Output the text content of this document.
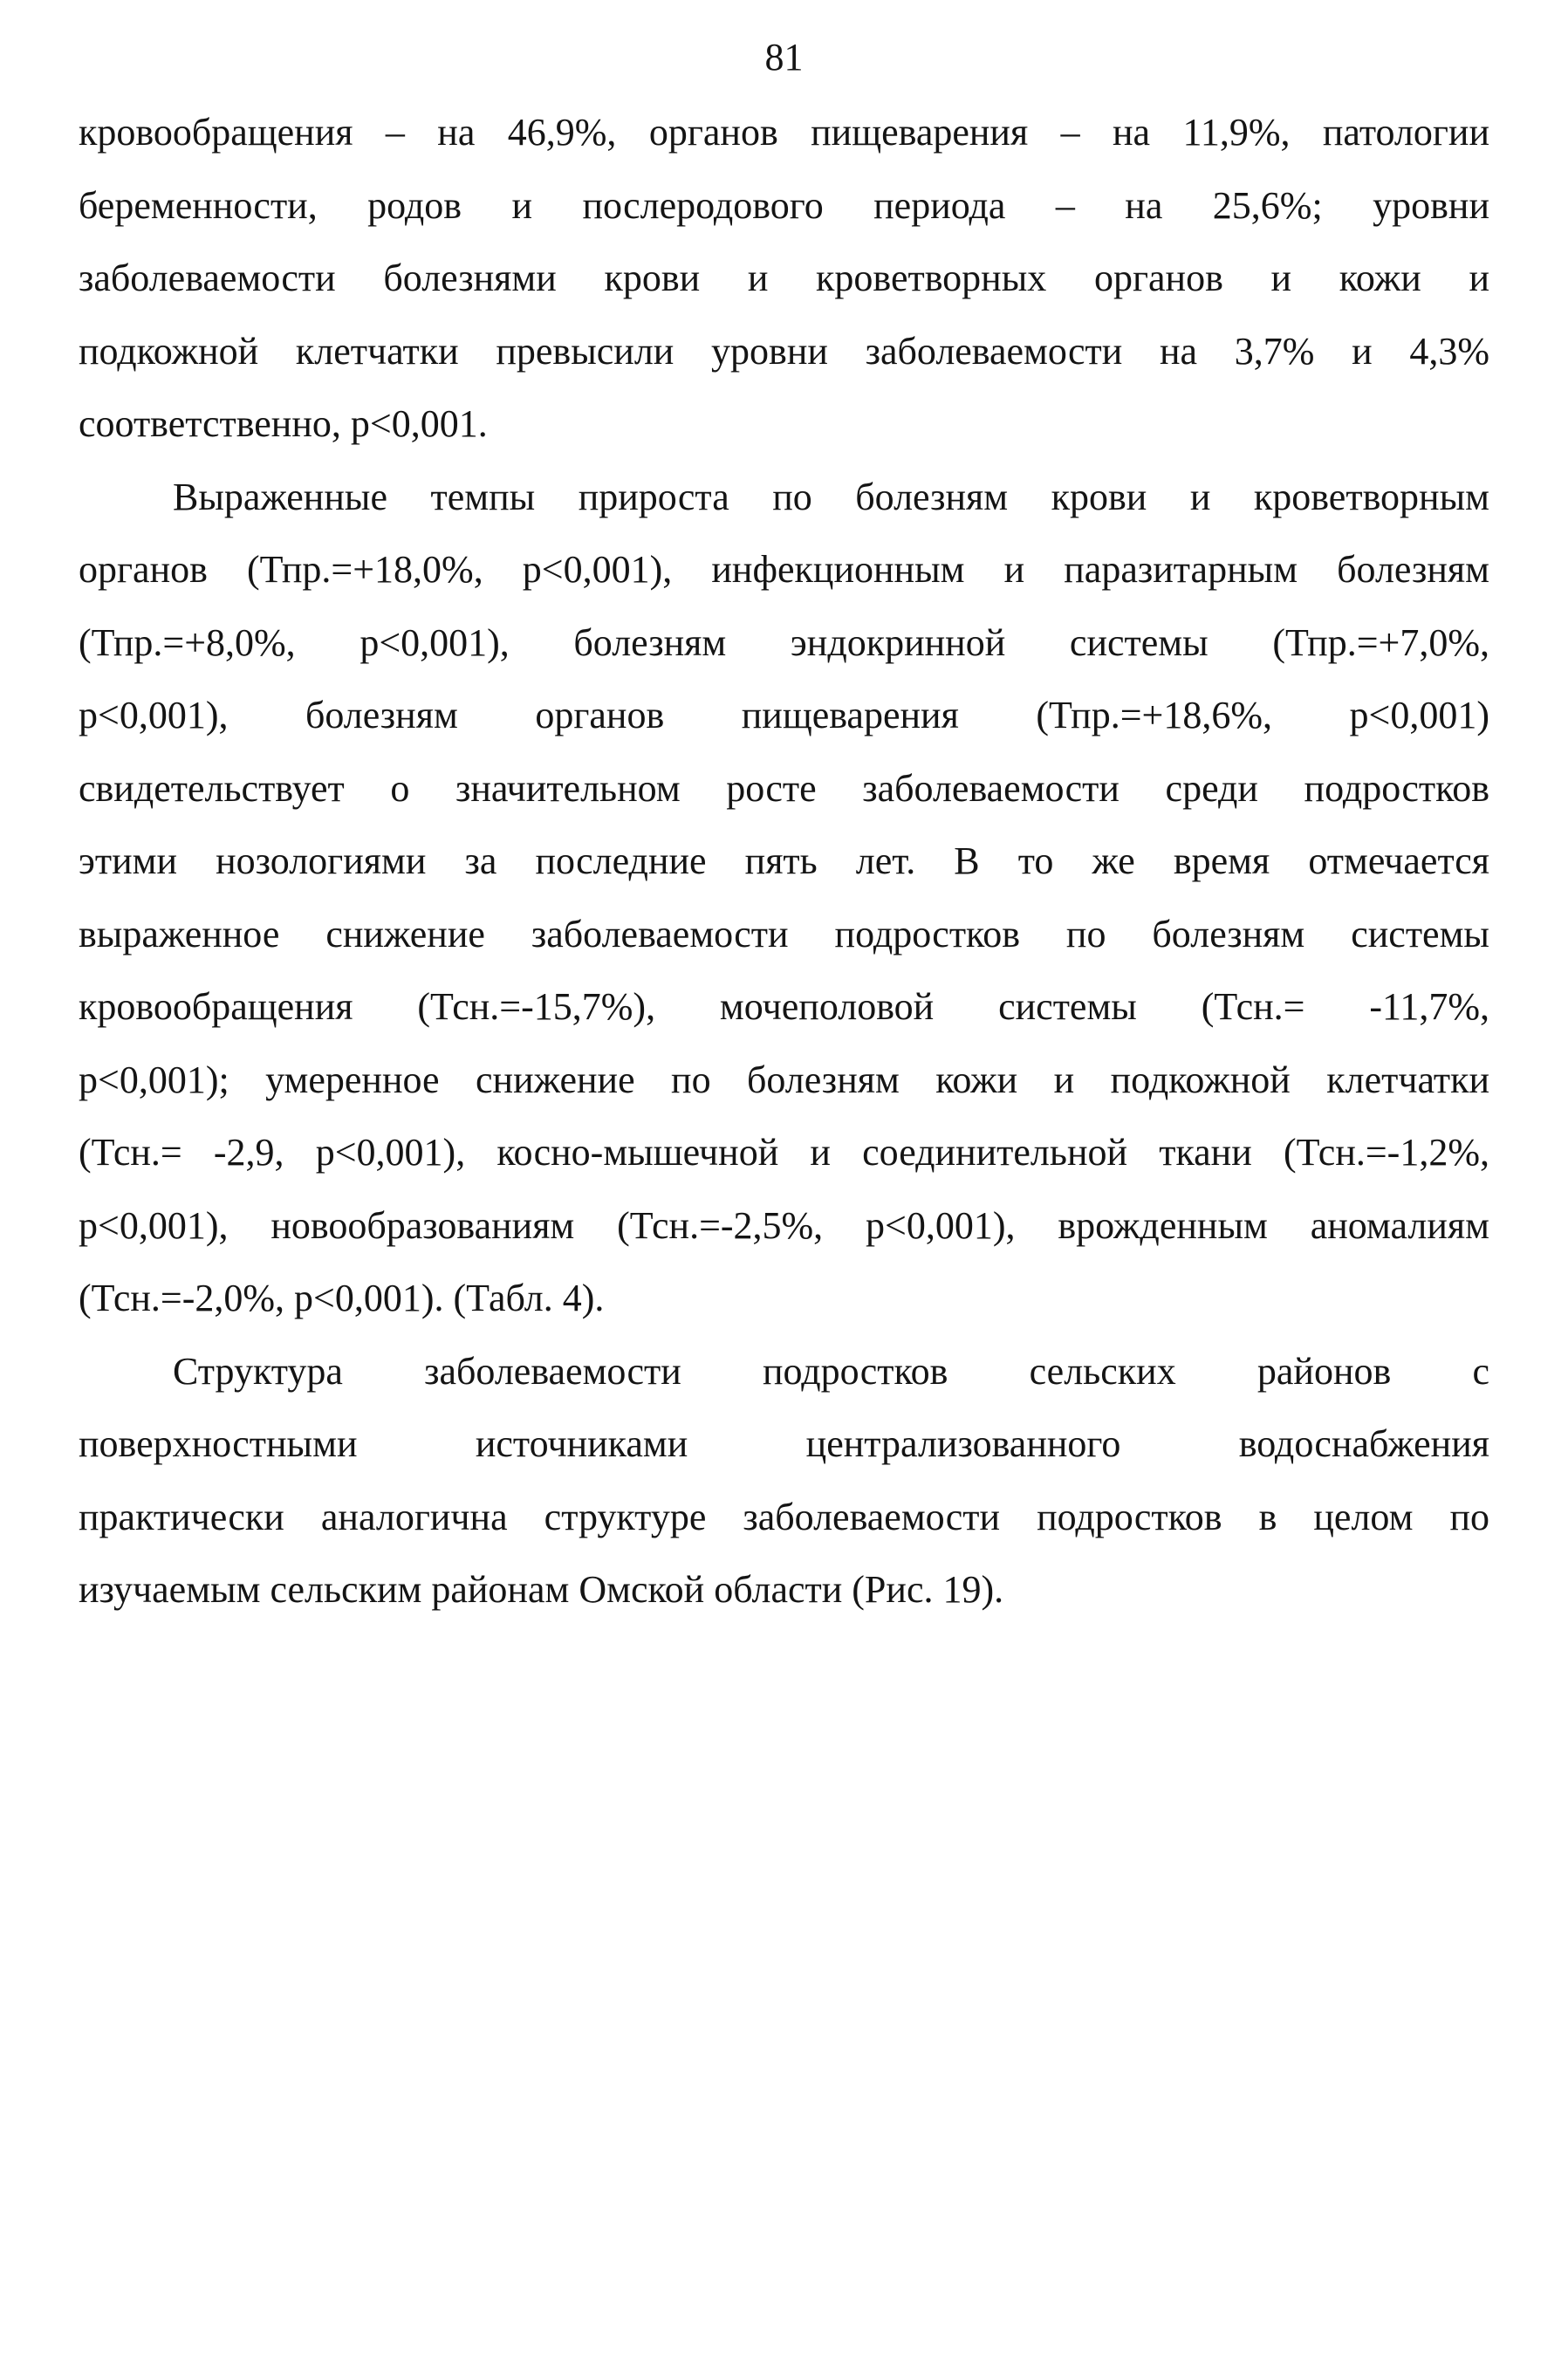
81
кровообращения – на 46,9%, органов пищеварения – на 11,9%, патологии
беременности, родов и послеродового периода – на 25,6%; уровни
заболеваемости болезнями крови и кроветворных органов и кожи и
подкожной клетчатки превысили уровни заболеваемости на 3,7% и 4,3%
соответственно, p<0,001.
Выраженные темпы прироста по болезням крови и кроветворным
органов (Тпр.=+18,0%, p<0,001), инфекционным и паразитарным болезням
(Тпр.=+8,0%, p<0,001), болезням эндокринной системы (Тпр.=+7,0%,
p<0,001), болезням органов пищеварения (Тпр.=+18,6%, p<0,001)
свидетельствует о значительном росте заболеваемости среди подростков
этими нозологиями за последние пять лет. В то же время отмечается
выраженное снижение заболеваемости подростков по болезням системы
кровообращения (Тсн.=-15,7%), мочеполовой системы (Тсн.= -11,7%,
p<0,001); умеренное снижение по болезням кожи и подкожной клетчатки
(Тсн.= -2,9, p<0,001), косно-мышечной и соединительной ткани (Тсн.=-1,2%,
p<0,001), новообразованиям (Тсн.=-2,5%, p<0,001), врожденным аномалиям
(Тсн.=-2,0%, p<0,001). (Табл. 4).
Структура заболеваемости подростков сельских районов с
поверхностными источниками централизованного водоснабжения
практически аналогична структуре заболеваемости подростков в целом по
изучаемым сельским районам Омской области (Рис. 19).
